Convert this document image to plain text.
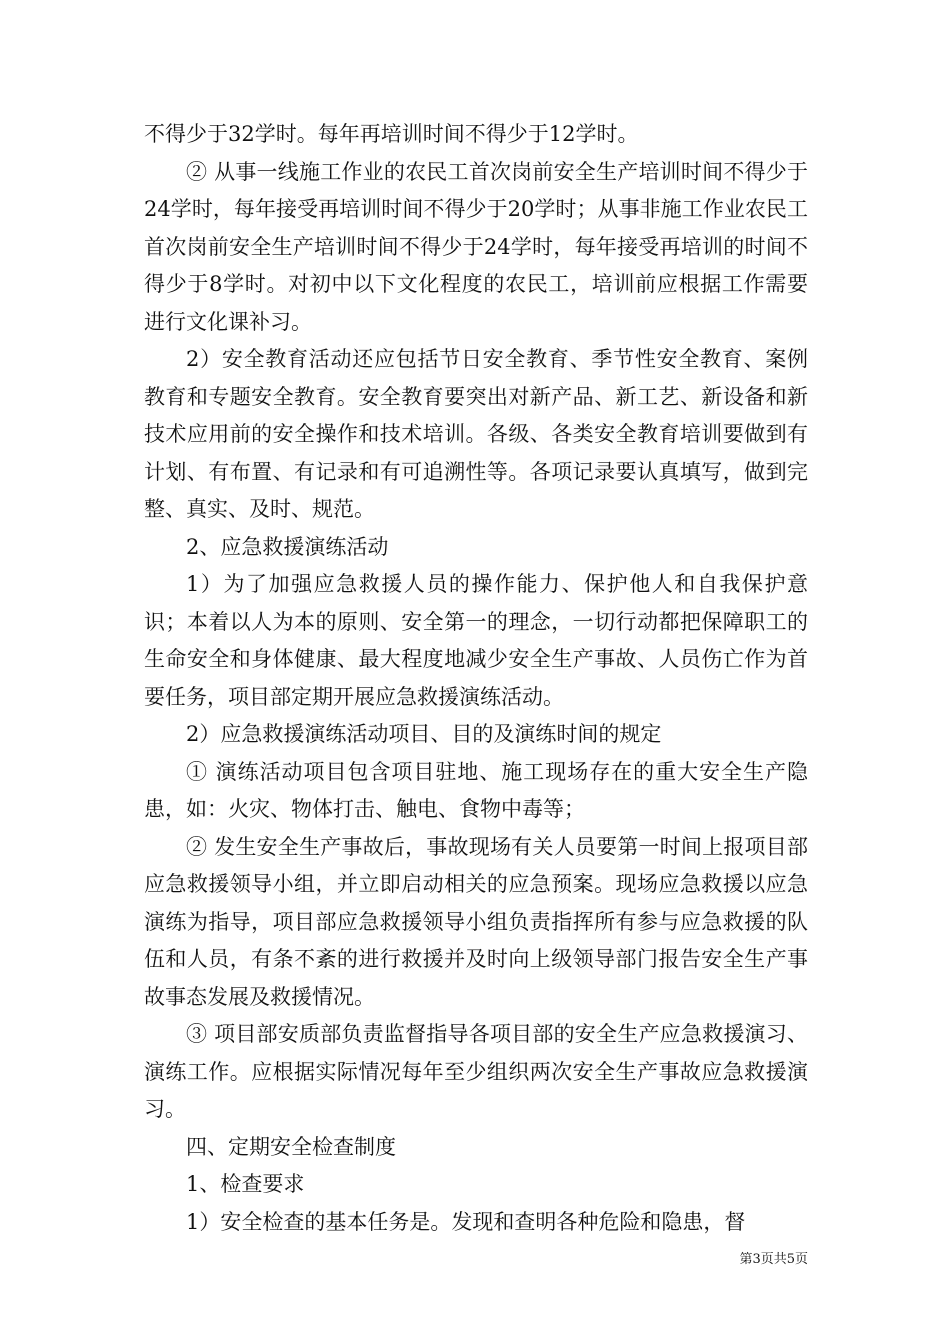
不得少于32学时。每年再培训时间不得少于12学时。

② 从事一线施工作业的农民工首次岗前安全生产培训时间不得少于24学时，每年接受再培训时间不得少于20学时；从事非施工作业农民工首次岗前安全生产培训时间不得少于24学时，每年接受再培训的时间不得少于8学时。对初中以下文化程度的农民工，培训前应根据工作需要进行文化课补习。

2）安全教育活动还应包括节日安全教育、季节性安全教育、案例教育和专题安全教育。安全教育要突出对新产品、新工艺、新设备和新技术应用前的安全操作和技术培训。各级、各类安全教育培训要做到有计划、有布置、有记录和有可追溯性等。各项记录要认真填写，做到完整、真实、及时、规范。

2、应急救援演练活动

1）为了加强应急救援人员的操作能力、保护他人和自我保护意识；本着以人为本的原则、安全第一的理念，一切行动都把保障职工的生命安全和身体健康、最大程度地减少安全生产事故、人员伤亡作为首要任务，项目部定期开展应急救援演练活动。

2）应急救援演练活动项目、目的及演练时间的规定

① 演练活动项目包含项目驻地、施工现场存在的重大安全生产隐患，如：火灾、物体打击、触电、食物中毒等；

② 发生安全生产事故后，事故现场有关人员要第一时间上报项目部应急救援领导小组，并立即启动相关的应急预案。现场应急救援以应急演练为指导，项目部应急救援领导小组负责指挥所有参与应急救援的队伍和人员，有条不紊的进行救援并及时向上级领导部门报告安全生产事故事态发展及救援情况。

③ 项目部安质部负责监督指导各项目部的安全生产应急救援演习、演练工作。应根据实际情况每年至少组织两次安全生产事故应急救援演习。

四、定期安全检查制度

1、检查要求

1）安全检查的基本任务是。发现和查明各种危险和隐患，督

第3页共5页
